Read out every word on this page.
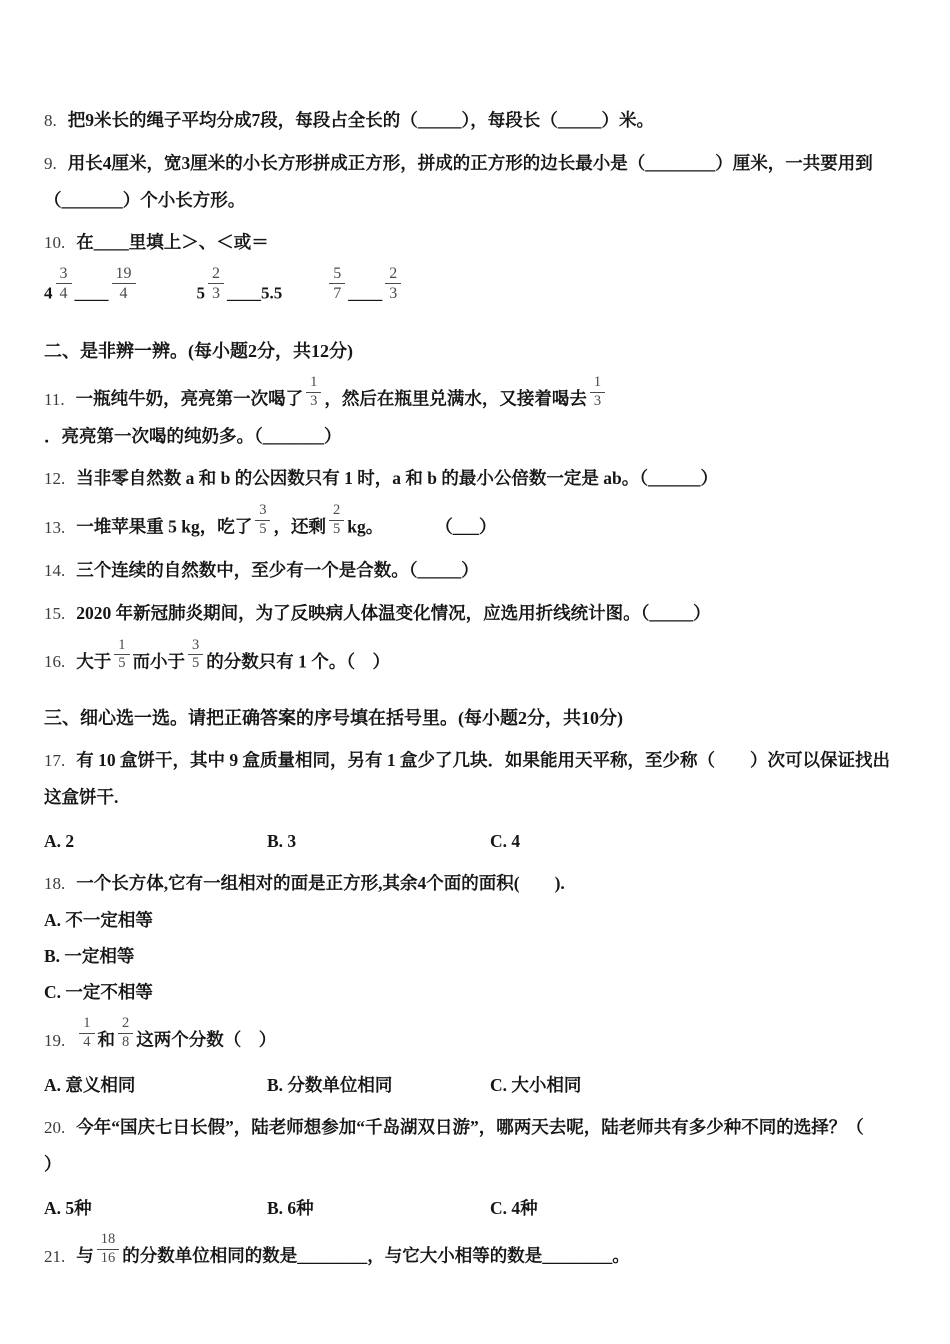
8. 把9米长的绳子平均分成7段，每段占全长的（_____），每段长（_____）米。
9. 用长4厘米，宽3厘米的小长方形拼成正方形，拼成的正方形的边长最小是（________）厘米，一共要用到（_______）个小长方形。
10. 在____里填上＞、＜或＝
$4 \frac{3}{4}$ ____ $\frac{19}{4}$	$5 \frac{2}{3}$ ____5.5	$\frac{5}{7}$ ____ $\frac{2}{3}$
二、是非辨一辨。(每小题2分，共12分)
11. 一瓶纯牛奶，亮亮第一次喝了 $\frac{1}{3}$ ，然后在瓶里兑满水，又接着喝去 $\frac{1}{3}$
．亮亮第一次喝的纯奶多。（_______）
12. 当非零自然数 a 和 b 的公因数只有 1 时，a 和 b 的最小公倍数一定是 ab。（______）
13. 一堆苹果重 5 kg，吃了 $\frac{3}{5}$ ，还剩 $\frac{2}{5}$ kg。	（___）
14. 三个连续的自然数中，至少有一个是合数。（_____）
15. 2020 年新冠肺炎期间，为了反映病人体温变化情况，应选用折线统计图。（_____）
16. 大于 $\frac{1}{5}$ 而小于 $\frac{3}{5}$ 的分数只有 1 个。（　）
三、细心选一选。请把正确答案的序号填在括号里。(每小题2分，共10分)
17. 有 10 盒饼干，其中 9 盒质量相同，另有 1 盒少了几块．如果能用天平称，至少称（　　）次可以保证找出这盒饼干.
A. 2	B. 3	C. 4
18. 一个长方体,它有一组相对的面是正方形,其余4个面的面积(　　).
A. 不一定相等
B. 一定相等
C. 一定不相等
19. $\frac{1}{4}$ 和 $\frac{2}{8}$ 这两个分数（　）
A. 意义相同	B. 分数单位相同	C. 大小相同
20. 今年“国庆七日长假”，陆老师想参加“千岛湖双日游”，哪两天去呢，陆老师共有多少种不同的选择？（
）
A. 5种	B. 6种	C. 4种
21. 与 $\frac{18}{16}$ 的分数单位相同的数是________，与它大小相等的数是________。
